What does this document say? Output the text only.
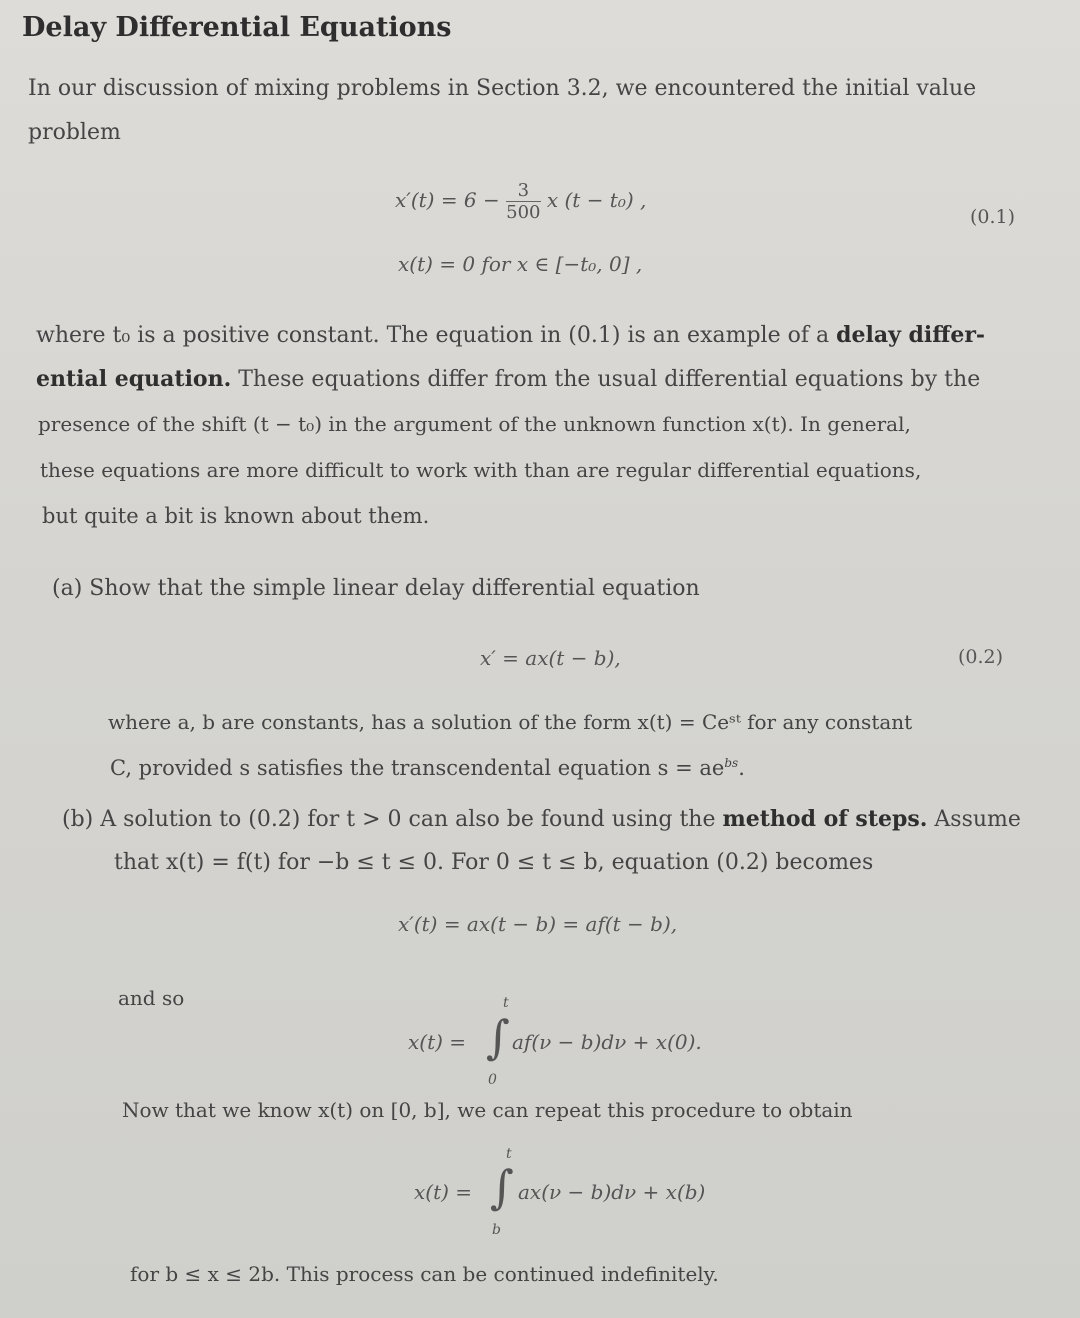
Delay Differential Equations
In our discussion of mixing problems in Section 3.2, we encountered the initial value
problem
$x'(t) = 6 - \frac{3}{500}$ x (t − t₀) ,
x(t) = 0 for x ∈ [−t₀, 0] ,
(0.1)
where t₀ is a positive constant. The equation in (0.1) is an example of a delay differ-
ential equation. These equations differ from the usual differential equations by the
presence of the shift (t − t₀) in the argument of the unknown function x(t). In general,
these equations are more difficult to work with than are regular differential equations,
but quite a bit is known about them.
(a) Show that the simple linear delay differential equation
x′ = ax(t − b),	(0.2)
where a, b are constants, has a solution of the form x(t) = Ceˢᵗ for any constant
C, provided s satisfies the transcendental equation $s = ae^{bs}$.
(b) A solution to (0.2) for t > 0 can also be found using the method of steps. Assume
that x(t) = f(t) for −b ≤ t ≤ 0. For 0 ≤ t ≤ b, equation (0.2) becomes
x′(t) = ax(t − b) = af(t − b),
and so
x(t) = ∫
t
0
af(ν − b)dν + x(0).
Now that we know x(t) on [0, b], we can repeat this procedure to obtain
x(t) = ∫
t
b
ax(ν − b)dν + x(b)
for b ≤ x ≤ 2b. This process can be continued indefinitely.
